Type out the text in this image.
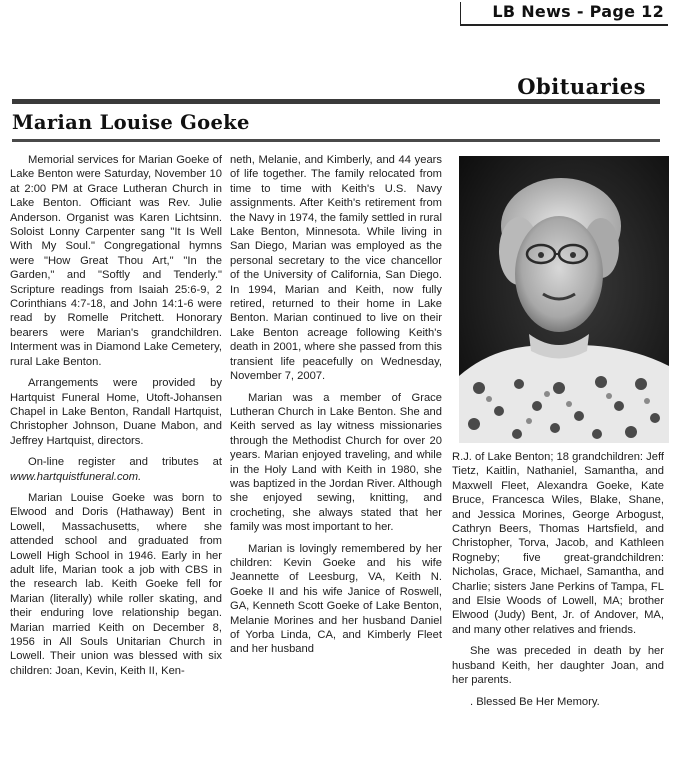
LB News - Page 12
Obituaries
Marian Louise Goeke

Memorial services for Marian Goeke of Lake Benton were Saturday, November 10 at 2:00 PM at Grace Lutheran Church in Lake Benton. Officiant was Rev. Julie Anderson. Organist was Karen Lichtsinn. Soloist Lonny Carpenter sang "It Is Well With My Soul." Congregational hymns were "How Great Thou Art," "In the Garden," and "Softly and Tenderly." Scripture readings from Isaiah 25:6-9, 2 Corinthians 4:7-18, and John 14:1-6 were read by Romelle Pritchett. Honorary bearers were Marian's grandchildren. Interment was in Diamond Lake Cemetery, rural Lake Benton.

Arrangements were provided by Hartquist Funeral Home, Utoft-Johansen Chapel in Lake Benton, Randall Hartquist, Christopher Johnson, Duane Mabon, and Jeffrey Hartquist, directors.

On-line register and tributes at www.hartquistfuneral.com.

Marian Louise Goeke was born to Elwood and Doris (Hathaway) Bent in Lowell, Massachusetts, where she attended school and graduated from Lowell High School in 1946. Early in her adult life, Marian took a job with CBS in the research lab. Keith Goeke fell for Marian (literally) while roller skating, and their enduring love relationship began. Marian married Keith on December 8, 1956 in All Souls Unitarian Church in Lowell. Their union was blessed with six children: Joan, Kevin, Keith II, Ken-

neth, Melanie, and Kimberly, and 44 years of life together. The family relocated from time to time with Keith's U.S. Navy assignments. After Keith's retirement from the Navy in 1974, the family settled in rural Lake Benton, Minnesota. While living in San Diego, Marian was employed as the personal secretary to the vice chancellor of the University of California, San Diego. In 1994, Marian and Keith, now fully retired, returned to their home in Lake Benton. Marian continued to live on their Lake Benton acreage following Keith's death in 2001, where she passed from this transient life peacefully on Wednesday, November 7, 2007.

Marian was a member of Grace Lutheran Church in Lake Benton. She and Keith served as lay witness missionaries through the Methodist Church for over 20 years. Marian enjoyed traveling, and while in the Holy Land with Keith in 1980, she was baptized in the Jordan River. Although she enjoyed sewing, knitting, and crocheting, she always stated that her family was most important to her.

Marian is lovingly remembered by her children: Kevin Goeke and his wife Jeannette of Leesburg, VA, Keith N. Goeke II and his wife Janice of Roswell, GA, Kenneth Scott Goeke of Lake Benton, Melanie Morines and her husband Daniel of Yorba Linda, CA, and Kimberly Fleet and her husband

R.J. of Lake Benton; 18 grandchildren: Jeff Tietz, Kaitlin, Nathaniel, Samantha, and Maxwell Fleet, Alexandra Goeke, Kate Bruce, Francesca Wiles, Blake, Shane, and Jessica Morines, George Arbogust, Cathryn Beers, Thomas Hartsfield, and Christopher, Torva, Jacob, and Kathleen Rogneby; five great-grandchildren: Nicholas, Grace, Michael, Samantha, and Charlie; sisters Jane Perkins of Tampa, FL and Elsie Woods of Lowell, MA; brother Elwood (Judy) Bent, Jr. of Andover, MA, and many other relatives and friends.

She was preceded in death by her husband Keith, her daughter Joan, and her parents.

. Blessed Be Her Memory.
